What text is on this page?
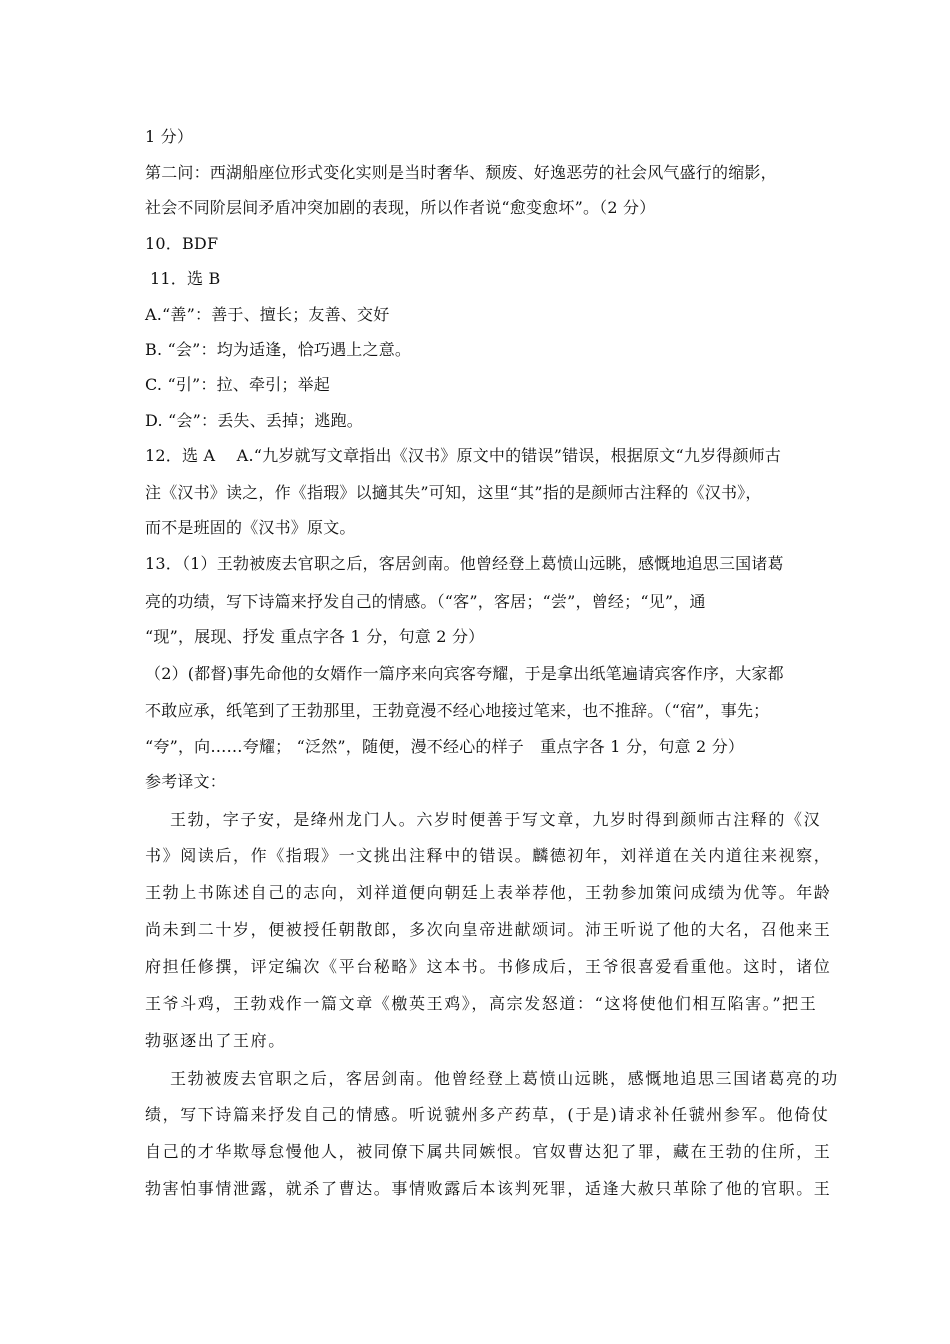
1 分）
第二问：西湖船座位形式变化实则是当时奢华、颓废、好逸恶劳的社会风气盛行的缩影，
社会不同阶层间矛盾冲突加剧的表现，所以作者说“愈变愈坏”。（2 分）
10．BDF
11．选 B
A.“善”：善于、擅长；友善、交好
B. “会”：均为适逢，恰巧遇上之意。
C. “引”：拉、牵引；举起
D. “会”：丢失、丢掉；逃跑。
12．选 A　 A.“九岁就写文章指出《汉书》原文中的错误”错误，根据原文“九岁得颜师古
注《汉书》读之，作《指瑕》以擿其失”可知，这里“其”指的是颜师古注释的《汉书》，
而不是班固的《汉书》原文。
13．（1）王勃被废去官职之后，客居剑南。他曾经登上葛愤山远眺，感慨地追思三国诸葛
亮的功绩，写下诗篇来抒发自己的情感。（“客”，客居；“尝”，曾经；“见”，通
“现”，展现、抒发 重点字各 1 分，句意 2 分）
（2）(都督)事先命他的女婿作一篇序来向宾客夸耀，于是拿出纸笔遍请宾客作序，大家都
不敢应承，纸笔到了王勃那里，王勃竟漫不经心地接过笔来，也不推辞。（“宿”，事先；
“夸”，向……夸耀； “泛然”，随便，漫不经心的样子　重点字各 1 分，句意 2 分）
参考译文：
王勃，字子安，是绛州龙门人。六岁时便善于写文章，九岁时得到颜师古注释的《汉
书》阅读后，作《指瑕》一文挑出注释中的错误。麟德初年，刘祥道在关内道往来视察，
王勃上书陈述自己的志向，刘祥道便向朝廷上表举荐他，王勃参加策问成绩为优等。年龄
尚未到二十岁，便被授任朝散郎，多次向皇帝进献颂词。沛王听说了他的大名，召他来王
府担任修撰，评定编次《平台秘略》这本书。书修成后，王爷很喜爱看重他。这时，诸位
王爷斗鸡，王勃戏作一篇文章《檄英王鸡》，高宗发怒道：“这将使他们相互陷害。”把王
勃驱逐出了王府。
王勃被废去官职之后，客居剑南。他曾经登上葛愤山远眺，感慨地追思三国诸葛亮的功
绩，写下诗篇来抒发自己的情感。听说虢州多产药草，(于是)请求补任虢州参军。他倚仗
自己的才华欺辱怠慢他人，被同僚下属共同嫉恨。官奴曹达犯了罪，藏在王勃的住所，王
勃害怕事情泄露，就杀了曹达。事情败露后本该判死罪，适逢大赦只革除了他的官职。王
